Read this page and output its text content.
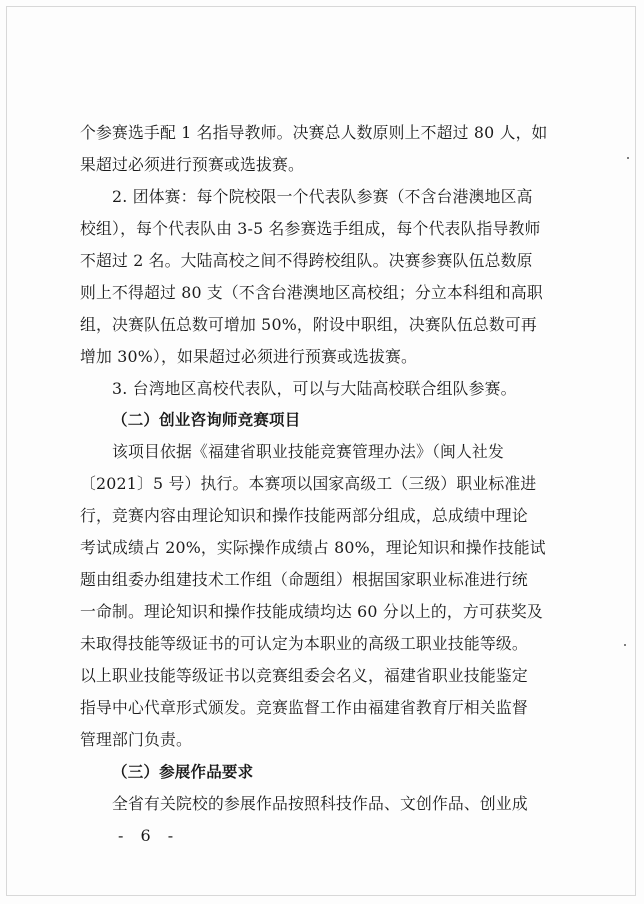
个参赛选手配 1 名指导教师。决赛总人数原则上不超过 80 人，如
果超过必须进行预赛或选拔赛。
2. 团体赛：每个院校限一个代表队参赛（不含台港澳地区高
校组），每个代表队由 3-5 名参赛选手组成，每个代表队指导教师
不超过 2 名。大陆高校之间不得跨校组队。决赛参赛队伍总数原
则上不得超过 80 支（不含台港澳地区高校组；分立本科组和高职
组，决赛队伍总数可增加 50%，附设中职组，决赛队伍总数可再
增加 30%），如果超过必须进行预赛或选拔赛。
3. 台湾地区高校代表队，可以与大陆高校联合组队参赛。
（二）创业咨询师竞赛项目
该项目依据《福建省职业技能竞赛管理办法》（闽人社发
〔2021〕5 号）执行。本赛项以国家高级工（三级）职业标准进
行，竞赛内容由理论知识和操作技能两部分组成，总成绩中理论
考试成绩占 20%，实际操作成绩占 80%，理论知识和操作技能试
题由组委办组建技术工作组（命题组）根据国家职业标准进行统
一命制。理论知识和操作技能成绩均达 60 分以上的，方可获奖及
未取得技能等级证书的可认定为本职业的高级工职业技能等级。
以上职业技能等级证书以竞赛组委会名义，福建省职业技能鉴定
指导中心代章形式颁发。竞赛监督工作由福建省教育厅相关监督
管理部门负责。
（三）参展作品要求
全省有关院校的参展作品按照科技作品、文创作品、创业成
- 6 -
